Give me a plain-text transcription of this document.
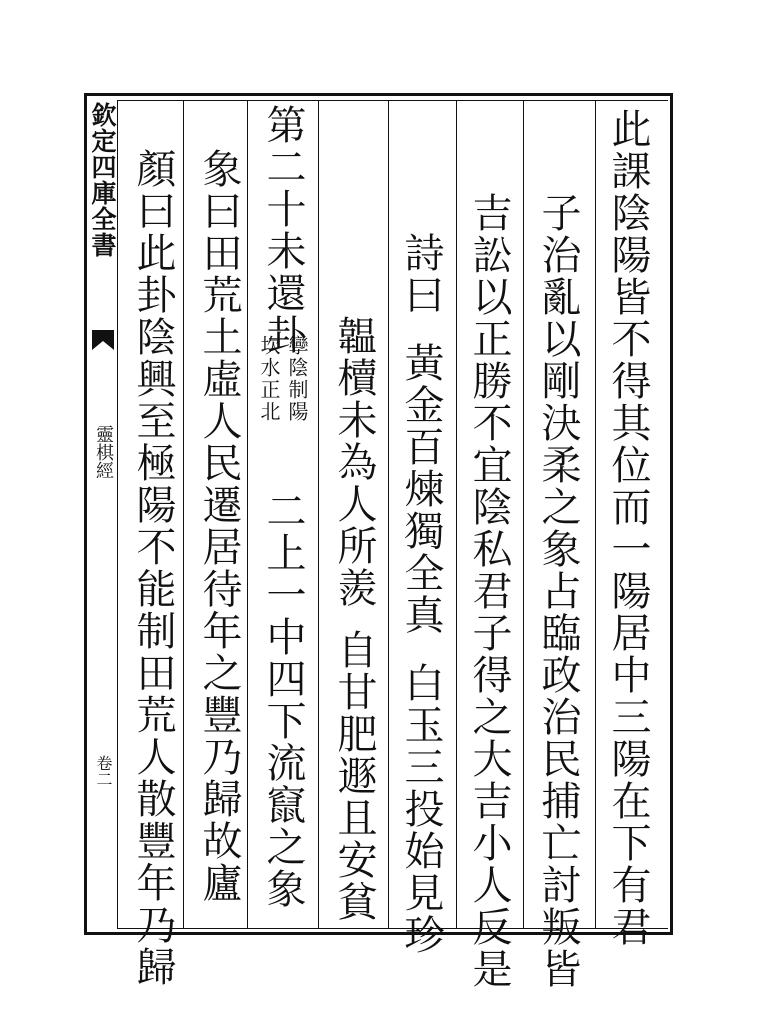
欽定四庫全書
靈棋經
卷二	此課陰陽皆不得其位而一陽居中三陽在下有君
子治亂以剛決柔之象占臨政治民捕亡討叛皆
吉訟以正勝不宜陰私君子得之大吉小人反是
詩曰黃金百煉獨全真白玉三投始見珍
韞櫝未為人所羨自甘肥遯且安貧
第二十未還卦
孿陰制陽
坎水正北
二上一中四下流竄之象
象曰田荒土虛人民遷居待年之豐乃歸故廬
顏曰此卦陰興至極陽不能制田荒人散豐年乃歸
